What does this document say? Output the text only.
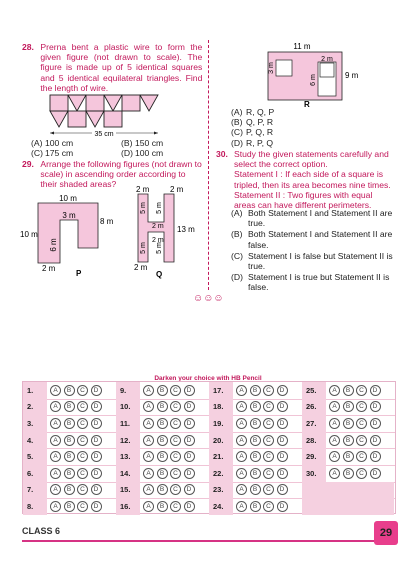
28. Prerna bent a plastic wire to form the given figure (not drawn to scale). The figure is made up of 5 identical squares and 5 identical equilateral triangles. Find the length of wire.
35 cm
(A) 100 cm	(B) 150 cm
(C) 175 cm	(D) 100 cm
29. Arrange the following figures (not drawn to scale) in ascending order according to their shaded areas?
10 m
10 m
3 m
8 m
6 m
2 m
P
2 m	2 m
5 m 5 m
2 m
2 m
5 m 5 m
13 m
2 m
Q
11 m
3 m
2 m
6 m	9 m
R
(A) R, Q, P
(B) Q, P, R
(C) P, Q, R
(D) R, P, Q
30. Study the given statements carefully and select the correct option.
Statement I : If each side of a square is tripled, then its area becomes nine times.
Statement II : Two figures with equal areas can have different perimeters.
(A) Both Statement I and Statement II are true.
(B) Both Statement I and Statement II are false.
(C) Statement I is false but Statement II is true.
(D) Statement I is true but Statement II is false.
☺☺☺
Darken your choice with HB Pencil
1.	A	B	C	D
2.	A	B	C	D
3.	A	B	C	D
4.	A	B	C	D
5.	A	B	C	D
6.	A	B	C	D
7.	A	B	C	D
8.	A	B	C	D
9.	A	B	C	D
10.	A	B	C	D
11.	A	B	C	D
12.	A	B	C	D
13.	A	B	C	D
14.	A	B	C	D
15.	A	B	C	D
16.	A	B	C	D
17.	A	B	C	D
18.	A	B	C	D
19.	A	B	C	D
20.	A	B	C	D
21.	A	B	C	D
22.	A	B	C	D
23.	A	B	C	D
24.	A	B	C	D
25.	A	B	C	D
26.	A	B	C	D
27.	A	B	C	D
28.	A	B	C	D
29.	A	B	C	D
30.	A	B	C	D
CLASS 6	29
